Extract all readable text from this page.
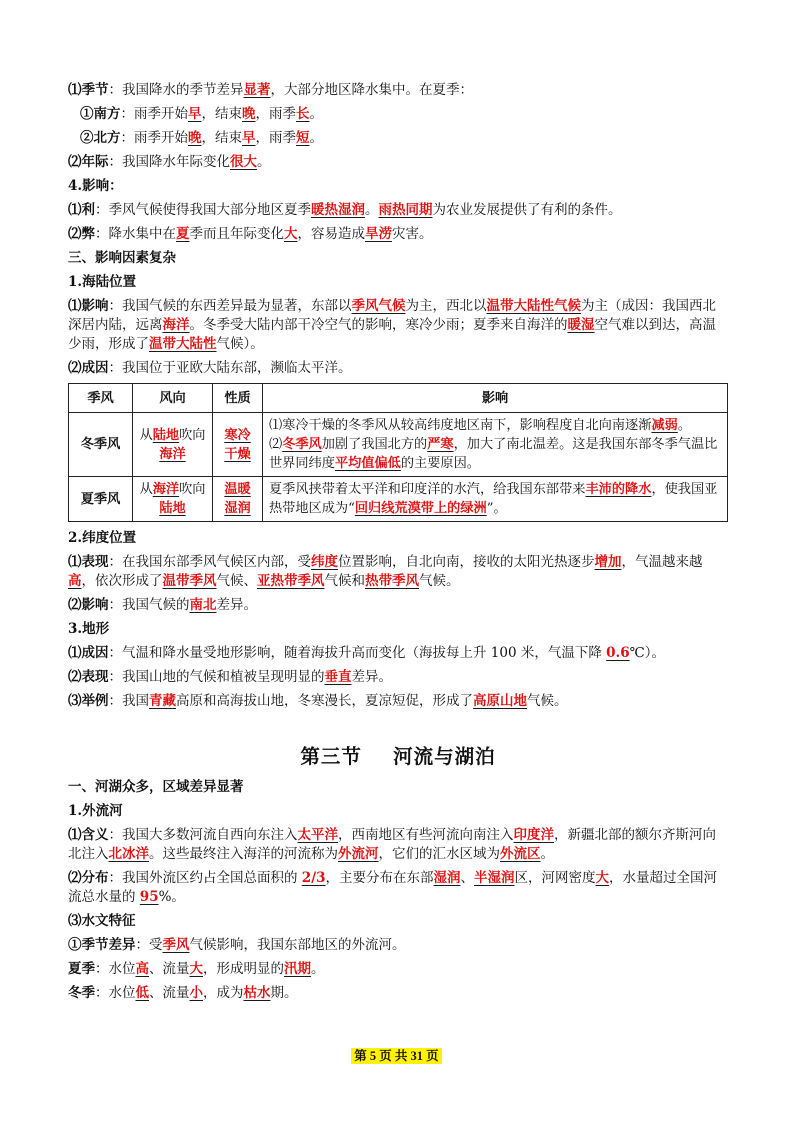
⑴季节：我国降水的季节差异显著，大部分地区降水集中。在夏季：

①南方：雨季开始早，结束晚，雨季长。

②北方：雨季开始晚，结束早，雨季短。

⑵年际：我国降水年际变化很大。

4.影响：

⑴利：季风气候使得我国大部分地区夏季暖热湿润。雨热同期为农业发展提供了有利的条件。

⑵弊：降水集中在夏季而且年际变化大，容易造成旱涝灾害。

三、影响因素复杂

1.海陆位置

⑴影响：我国气候的东西差异最为显著，东部以季风气候为主，西北以温带大陆性气候为主（成因：我国西北深居内陆，远离海洋。冬季受大陆内部干冷空气的影响，寒冷少雨；夏季来自海洋的暖湿空气难以到达，高温少雨，形成了温带大陆性气候）。

⑵成因：我国位于亚欧大陆东部，濒临太平洋。

季风	风向	性质	影响
冬季风	从陆地吹向海洋	寒冷干燥	⑴寒冷干燥的冬季风从较高纬度地区南下，影响程度自北向南逐渐减弱。
⑵冬季风加剧了我国北方的严寒，加大了南北温差。这是我国东部冬季气温比世界同纬度平均值偏低的主要原因。

夏季风	从海洋吹向陆地	温暖湿润	夏季风挟带着太平洋和印度洋的水汽，给我国东部带来丰沛的降水，使我国亚热带地区成为“回归线荒漠带上的绿洲”。

2.纬度位置

⑴表现：在我国东部季风气候区内部，受纬度位置影响，自北向南，接收的太阳光热逐步增加，气温越来越高，依次形成了温带季风气候、亚热带季风气候和热带季风气候。

⑵影响：我国气候的南北差异。

3.地形

⑴成因：气温和降水量受地形影响，随着海拔升高而变化（海拔每上升 100 米，气温下降 0.6℃）。

⑵表现：我国山地的气候和植被呈现明显的垂直差异。

⑶举例：我国青藏高原和高海拔山地，冬寒漫长，夏凉短促，形成了高原山地气候。

第三节    河流与湖泊

一、河湖众多，区域差异显著

1.外流河

⑴含义：我国大多数河流自西向东注入太平洋，西南地区有些河流向南注入印度洋，新疆北部的额尔齐斯河向北注入北冰洋。这些最终注入海洋的河流称为外流河，它们的汇水区域为外流区。

⑵分布：我国外流区约占全国总面积的 2/3，主要分布在东部湿润、半湿润区，河网密度大，水量超过全国河流总水量的 95%。

⑶水文特征

①季节差异：受季风气候影响，我国东部地区的外流河。

夏季：水位高、流量大，形成明显的汛期。

冬季：水位低、流量小，成为枯水期。

第 5 页 共 31 页
